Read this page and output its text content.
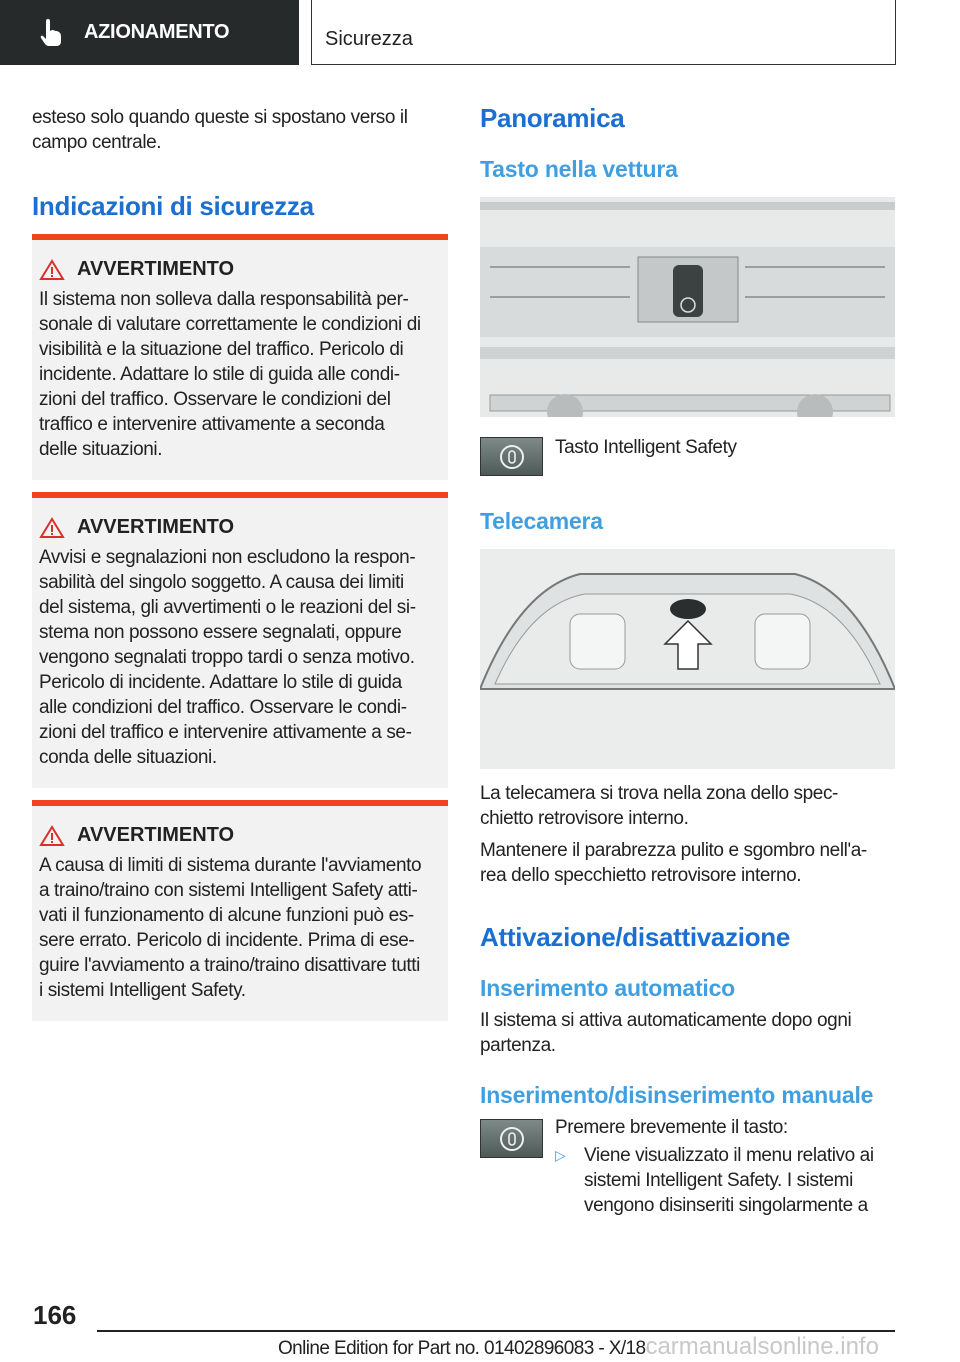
AZIONAMENTO	Sicurezza

esteso solo quando queste si spostano verso il
campo centrale.

Indicazioni di sicurezza
AVVERTIMENTO

Il sistema non solleva dalla responsabilità per-
sonale di valutare correttamente le condizioni di
visibilità e la situazione del traffico. Pericolo di
incidente. Adattare lo stile di guida alle condi-
zioni del traffico. Osservare le condizioni del
traffico e intervenire attivamente a seconda
delle situazioni.

AVVERTIMENTO

Avvisi e segnalazioni non escludono la respon-
sabilità del singolo soggetto. A causa dei limiti
del sistema, gli avvertimenti o le reazioni del si-
stema non possono essere segnalati, oppure
vengono segnalati troppo tardi o senza motivo.
Pericolo di incidente. Adattare lo stile di guida
alle condizioni del traffico. Osservare le condi-
zioni del traffico e intervenire attivamente a se-
conda delle situazioni.

AVVERTIMENTO

A causa di limiti di sistema durante l'avviamento
a traino/traino con sistemi Intelligent Safety atti-
vati il funzionamento di alcune funzioni può es-
sere errato. Pericolo di incidente. Prima di ese-
guire l'avviamento a traino/traino disattivare tutti
i sistemi Intelligent Safety.

Panoramica
Tasto nella vettura

Tasto Intelligent Safety

Telecamera

La telecamera si trova nella zona dello spec-
chietto retrovisore interno.

Mantenere il parabrezza pulito e sgombro nell'a-
rea dello specchietto retrovisore interno.

Attivazione/disattivazione
Inserimento automatico

Il sistema si attiva automaticamente dopo ogni
partenza.

Inserimento/disinserimento manuale

Premere brevemente il tasto:

▷ Viene visualizzato il menu relativo ai
sistemi Intelligent Safety. I sistemi
vengono disinseriti singolarmente a

166
Online Edition for Part no. 01402896083 - X/18carmanualsonline.info
